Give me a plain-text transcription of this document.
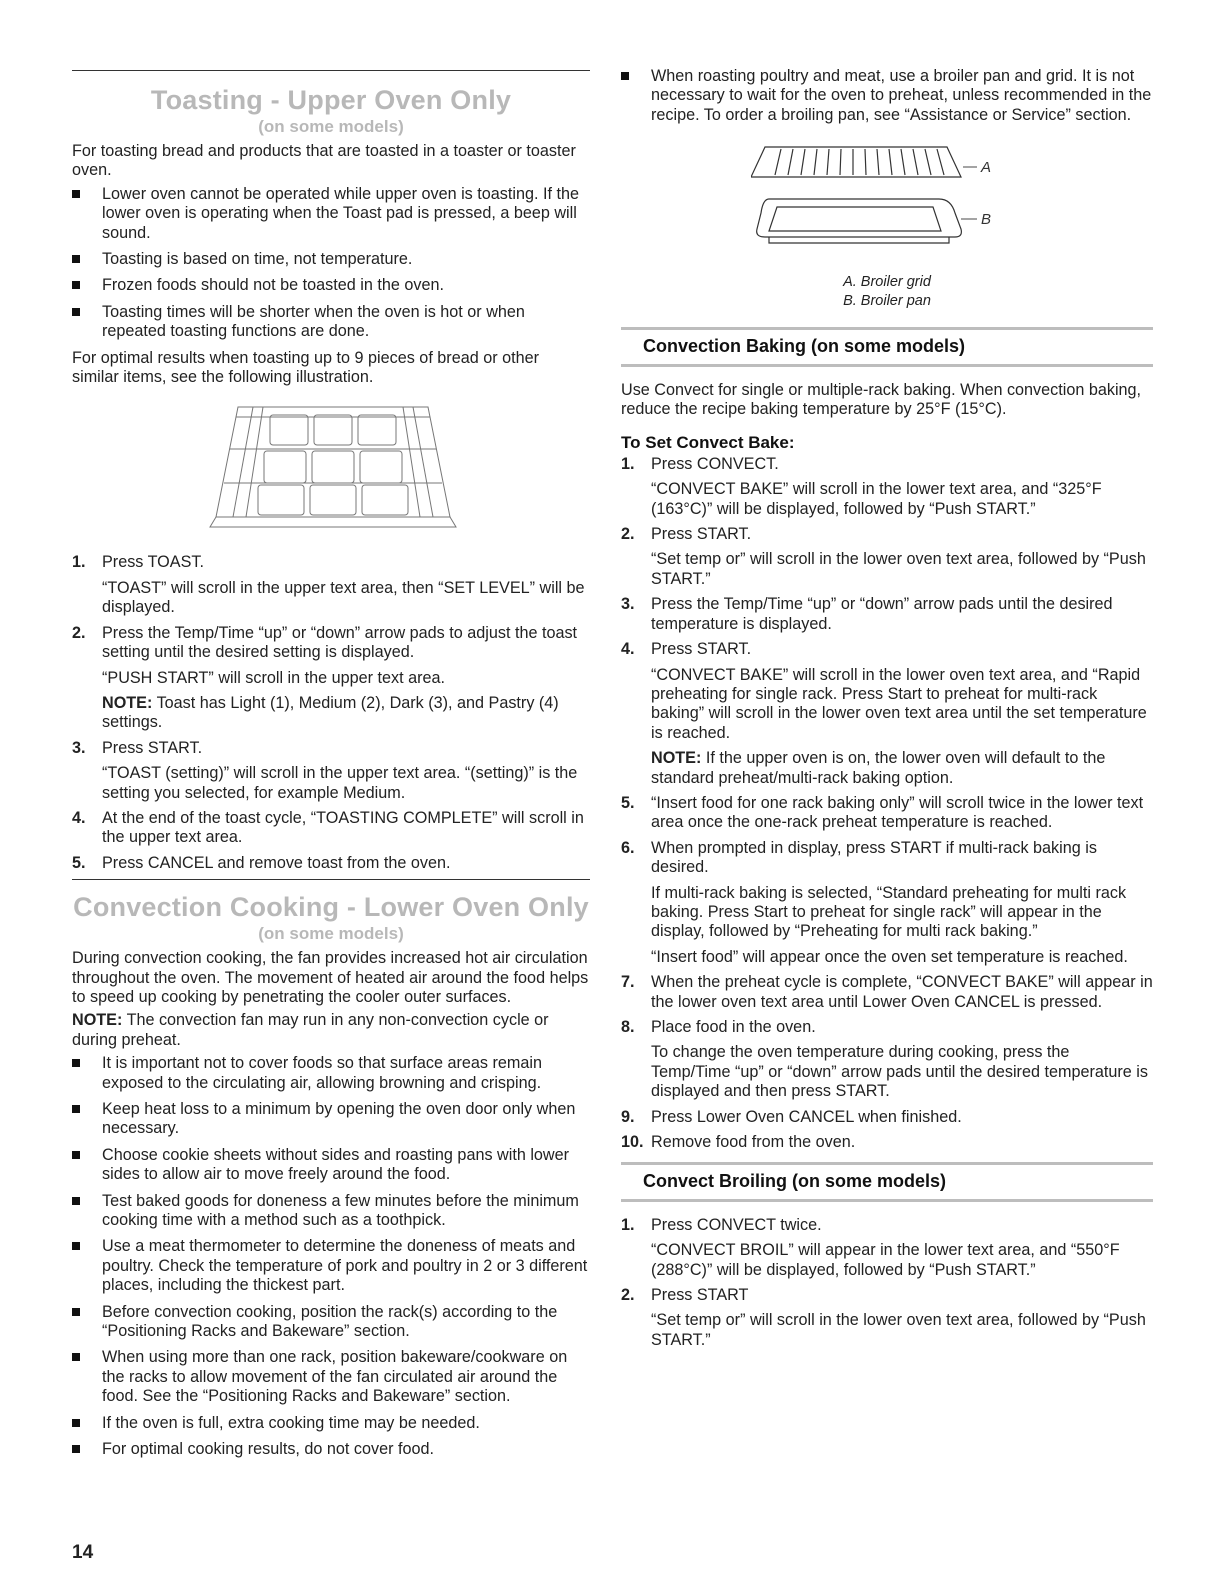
Toasting - Upper Oven Only
(on some models)

For toasting bread and products that are toasted in a toaster or toaster oven.

Lower oven cannot be operated while upper oven is toasting. If the lower oven is operating when the Toast pad is pressed, a beep will sound.
Toasting is based on time, not temperature.
Frozen foods should not be toasted in the oven.
Toasting times will be shorter when the oven is hot or when repeated toasting functions are done.

For optimal results when toasting up to 9 pieces of bread or other similar items, see the following illustration.

1. Press TOAST.
“TOAST” will scroll in the upper text area, then “SET LEVEL” will be displayed.
2. Press the Temp/Time “up” or “down” arrow pads to adjust the toast setting until the desired setting is displayed.
“PUSH START” will scroll in the upper text area.
NOTE: Toast has Light (1), Medium (2), Dark (3), and Pastry (4) settings.
3. Press START.
“TOAST (setting)” will scroll in the upper text area. “(setting)” is the setting you selected, for example Medium.
4. At the end of the toast cycle, “TOASTING COMPLETE” will scroll in the upper text area.
5. Press CANCEL and remove toast from the oven.
Convection Cooking - Lower Oven Only
(on some models)

During convection cooking, the fan provides increased hot air circulation throughout the oven. The movement of heated air around the food helps to speed up cooking by penetrating the cooler outer surfaces.

NOTE: The convection fan may run in any non-convection cycle or during preheat.

It is important not to cover foods so that surface areas remain exposed to the circulating air, allowing browning and crisping.
Keep heat loss to a minimum by opening the oven door only when necessary.
Choose cookie sheets without sides and roasting pans with lower sides to allow air to move freely around the food.
Test baked goods for doneness a few minutes before the minimum cooking time with a method such as a toothpick.
Use a meat thermometer to determine the doneness of meats and poultry. Check the temperature of pork and poultry in 2 or 3 different places, including the thickest part.
Before convection cooking, position the rack(s) according to the “Positioning Racks and Bakeware” section.
When using more than one rack, position bakeware/cookware on the racks to allow movement of the fan circulated air around the food. See the “Positioning Racks and Bakeware” section.
If the oven is full, extra cooking time may be needed.
For optimal cooking results, do not cover food.
When roasting poultry and meat, use a broiler pan and grid. It is not necessary to wait for the oven to preheat, unless recommended in the recipe. To order a broiling pan, see “Assistance or Service” section.
A
B
A. Broiler grid
B. Broiler pan
Convection Baking (on some models)

Use Convect for single or multiple-rack baking. When convection baking, reduce the recipe baking temperature by 25°F (15°C).

To Set Convect Bake:
1. Press CONVECT.
“CONVECT BAKE” will scroll in the lower text area, and “325°F (163°C)” will be displayed, followed by “Push START.”
2. Press START.
“Set temp or” will scroll in the lower oven text area, followed by “Push START.”
3. Press the Temp/Time “up” or “down” arrow pads until the desired temperature is displayed.
4. Press START.
“CONVECT BAKE” will scroll in the lower oven text area, and “Rapid preheating for single rack. Press Start to preheat for multi-rack baking” will scroll in the lower oven text area until the set temperature is reached.
NOTE: If the upper oven is on, the lower oven will default to the standard preheat/multi-rack baking option.
5. “Insert food for one rack baking only” will scroll twice in the lower text area once the one-rack preheat temperature is reached.
6. When prompted in display, press START if multi-rack baking is desired.
If multi-rack baking is selected, “Standard preheating for multi rack baking. Press Start to preheat for single rack” will appear in the display, followed by “Preheating for multi rack baking.”
“Insert food” will appear once the oven set temperature is reached.
7. When the preheat cycle is complete, “CONVECT BAKE” will appear in the lower oven text area until Lower Oven CANCEL is pressed.
8. Place food in the oven.
To change the oven temperature during cooking, press the Temp/Time “up” or “down” arrow pads until the desired temperature is displayed and then press START.
9. Press Lower Oven CANCEL when finished.
10. Remove food from the oven.
Convect Broiling (on some models)
1. Press CONVECT twice.
“CONVECT BROIL” will appear in the lower text area, and “550°F (288°C)” will be displayed, followed by “Push START.”
2. Press START
“Set temp or” will scroll in the lower oven text area, followed by “Push START.”
14
